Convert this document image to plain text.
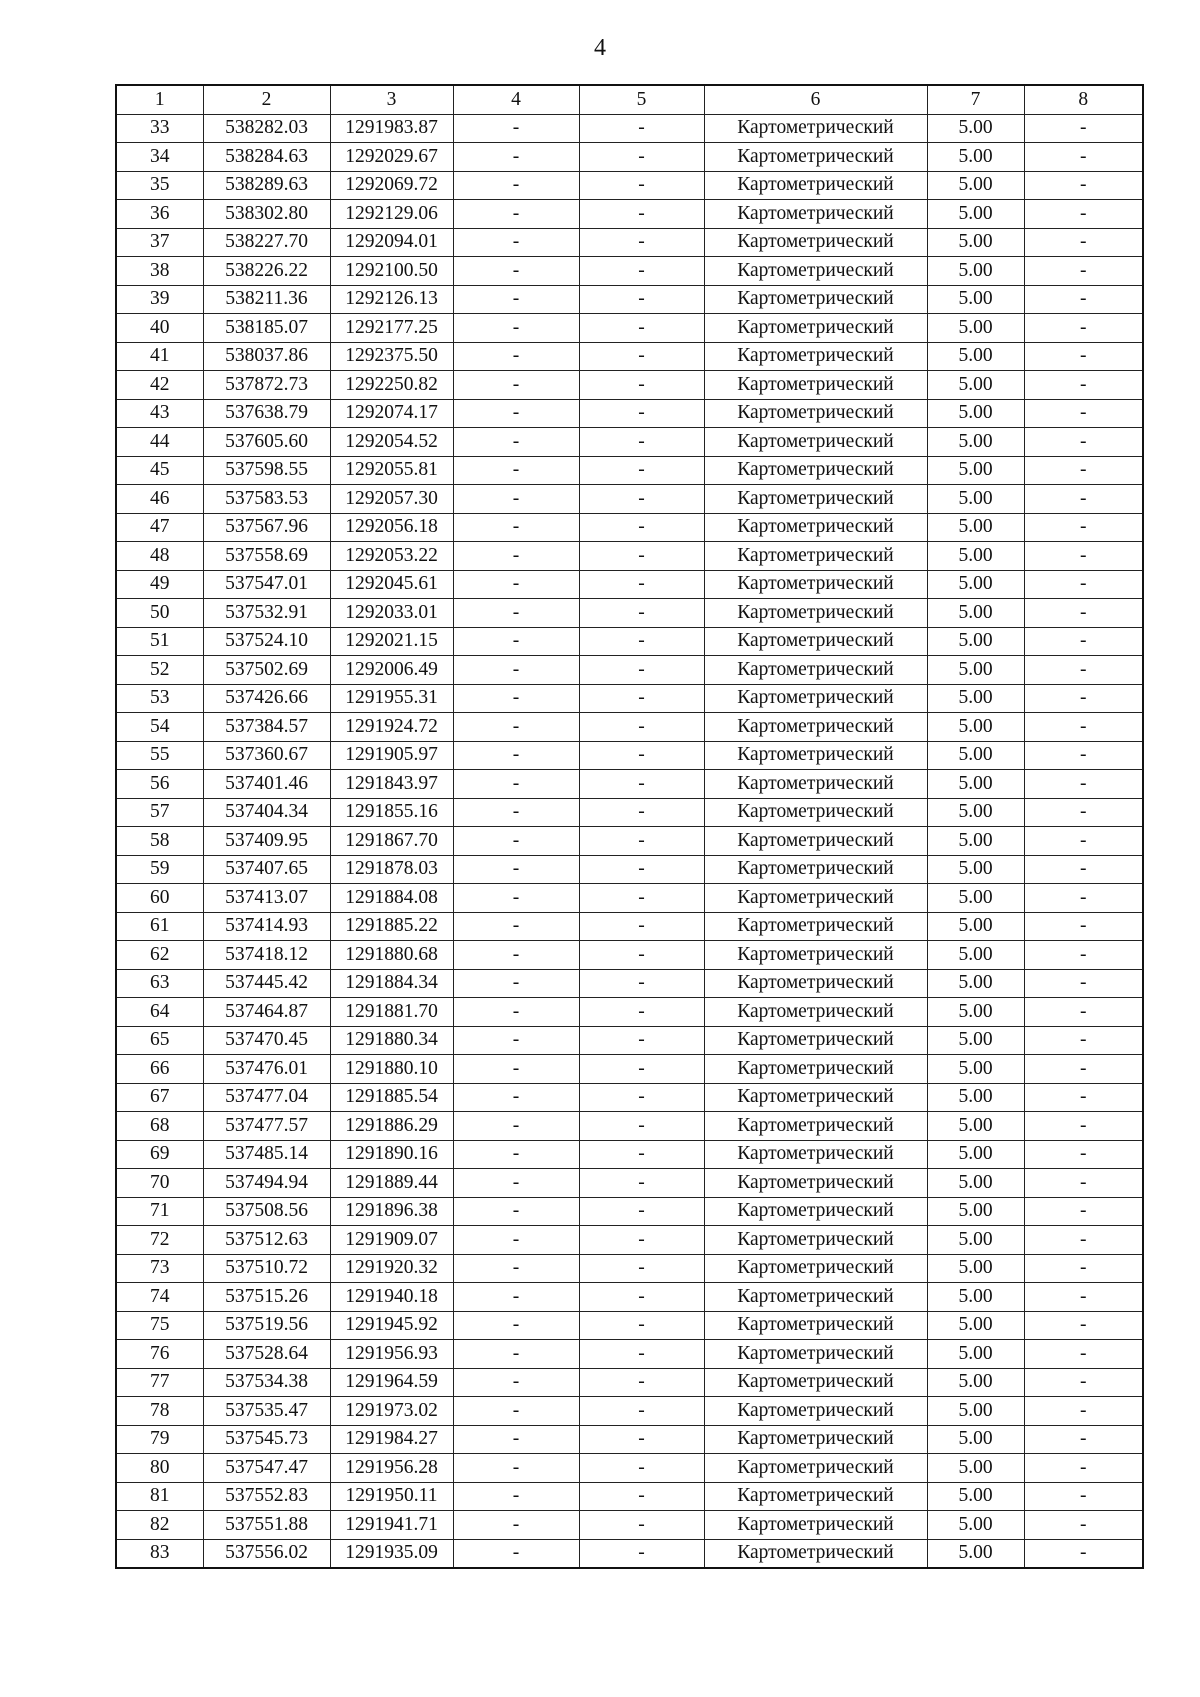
4
1	2	3	4	5	6	7	8
33	538282.03	1291983.87	-	-	Картометрический	5.00	-
34	538284.63	1292029.67	-	-	Картометрический	5.00	-
35	538289.63	1292069.72	-	-	Картометрический	5.00	-
36	538302.80	1292129.06	-	-	Картометрический	5.00	-
37	538227.70	1292094.01	-	-	Картометрический	5.00	-
38	538226.22	1292100.50	-	-	Картометрический	5.00	-
39	538211.36	1292126.13	-	-	Картометрический	5.00	-
40	538185.07	1292177.25	-	-	Картометрический	5.00	-
41	538037.86	1292375.50	-	-	Картометрический	5.00	-
42	537872.73	1292250.82	-	-	Картометрический	5.00	-
43	537638.79	1292074.17	-	-	Картометрический	5.00	-
44	537605.60	1292054.52	-	-	Картометрический	5.00	-
45	537598.55	1292055.81	-	-	Картометрический	5.00	-
46	537583.53	1292057.30	-	-	Картометрический	5.00	-
47	537567.96	1292056.18	-	-	Картометрический	5.00	-
48	537558.69	1292053.22	-	-	Картометрический	5.00	-
49	537547.01	1292045.61	-	-	Картометрический	5.00	-
50	537532.91	1292033.01	-	-	Картометрический	5.00	-
51	537524.10	1292021.15	-	-	Картометрический	5.00	-
52	537502.69	1292006.49	-	-	Картометрический	5.00	-
53	537426.66	1291955.31	-	-	Картометрический	5.00	-
54	537384.57	1291924.72	-	-	Картометрический	5.00	-
55	537360.67	1291905.97	-	-	Картометрический	5.00	-
56	537401.46	1291843.97	-	-	Картометрический	5.00	-
57	537404.34	1291855.16	-	-	Картометрический	5.00	-
58	537409.95	1291867.70	-	-	Картометрический	5.00	-
59	537407.65	1291878.03	-	-	Картометрический	5.00	-
60	537413.07	1291884.08	-	-	Картометрический	5.00	-
61	537414.93	1291885.22	-	-	Картометрический	5.00	-
62	537418.12	1291880.68	-	-	Картометрический	5.00	-
63	537445.42	1291884.34	-	-	Картометрический	5.00	-
64	537464.87	1291881.70	-	-	Картометрический	5.00	-
65	537470.45	1291880.34	-	-	Картометрический	5.00	-
66	537476.01	1291880.10	-	-	Картометрический	5.00	-
67	537477.04	1291885.54	-	-	Картометрический	5.00	-
68	537477.57	1291886.29	-	-	Картометрический	5.00	-
69	537485.14	1291890.16	-	-	Картометрический	5.00	-
70	537494.94	1291889.44	-	-	Картометрический	5.00	-
71	537508.56	1291896.38	-	-	Картометрический	5.00	-
72	537512.63	1291909.07	-	-	Картометрический	5.00	-
73	537510.72	1291920.32	-	-	Картометрический	5.00	-
74	537515.26	1291940.18	-	-	Картометрический	5.00	-
75	537519.56	1291945.92	-	-	Картометрический	5.00	-
76	537528.64	1291956.93	-	-	Картометрический	5.00	-
77	537534.38	1291964.59	-	-	Картометрический	5.00	-
78	537535.47	1291973.02	-	-	Картометрический	5.00	-
79	537545.73	1291984.27	-	-	Картометрический	5.00	-
80	537547.47	1291956.28	-	-	Картометрический	5.00	-
81	537552.83	1291950.11	-	-	Картометрический	5.00	-
82	537551.88	1291941.71	-	-	Картометрический	5.00	-
83	537556.02	1291935.09	-	-	Картометрический	5.00	-
